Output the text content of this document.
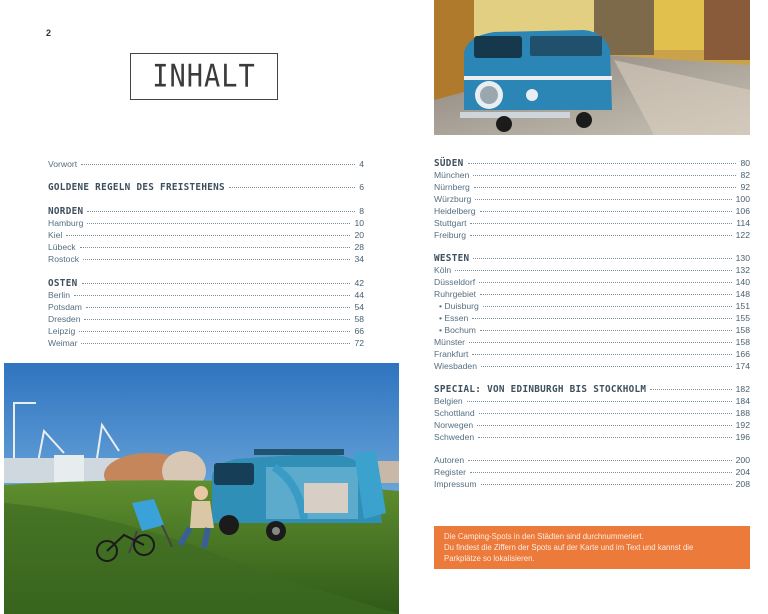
2
INHALT
Vorwort	4
GOLDENE REGELN DES FREISTEHENS	6
NORDEN	8
Hamburg	10
Kiel	20
Lübeck	28
Rostock	34
OSTEN	42
Berlin	44
Potsdam	54
Dresden	58
Leipzig	66
Weimar	72
SÜDEN	80
München	82
Nürnberg	92
Würzburg	100
Heidelberg	106
Stuttgart	114
Freiburg	122
WESTEN	130
Köln	132
Düsseldorf	140
Ruhrgebiet	148
• Duisburg	151
• Essen	155
• Bochum	158
Münster	158
Frankfurt	166
Wiesbaden	174
SPECIAL: VON EDINBURGH BIS STOCKHOLM	182
Belgien	184
Schottland	188
Norwegen	192
Schweden	196
Autoren	200
Register	204
Impressum	208
Die Camping-Spots in den Städten sind durchnummeriert.
Du findest die Ziffern der Spots auf der Karte und im Text und kannst die
Parkplätze so lokalisieren.
